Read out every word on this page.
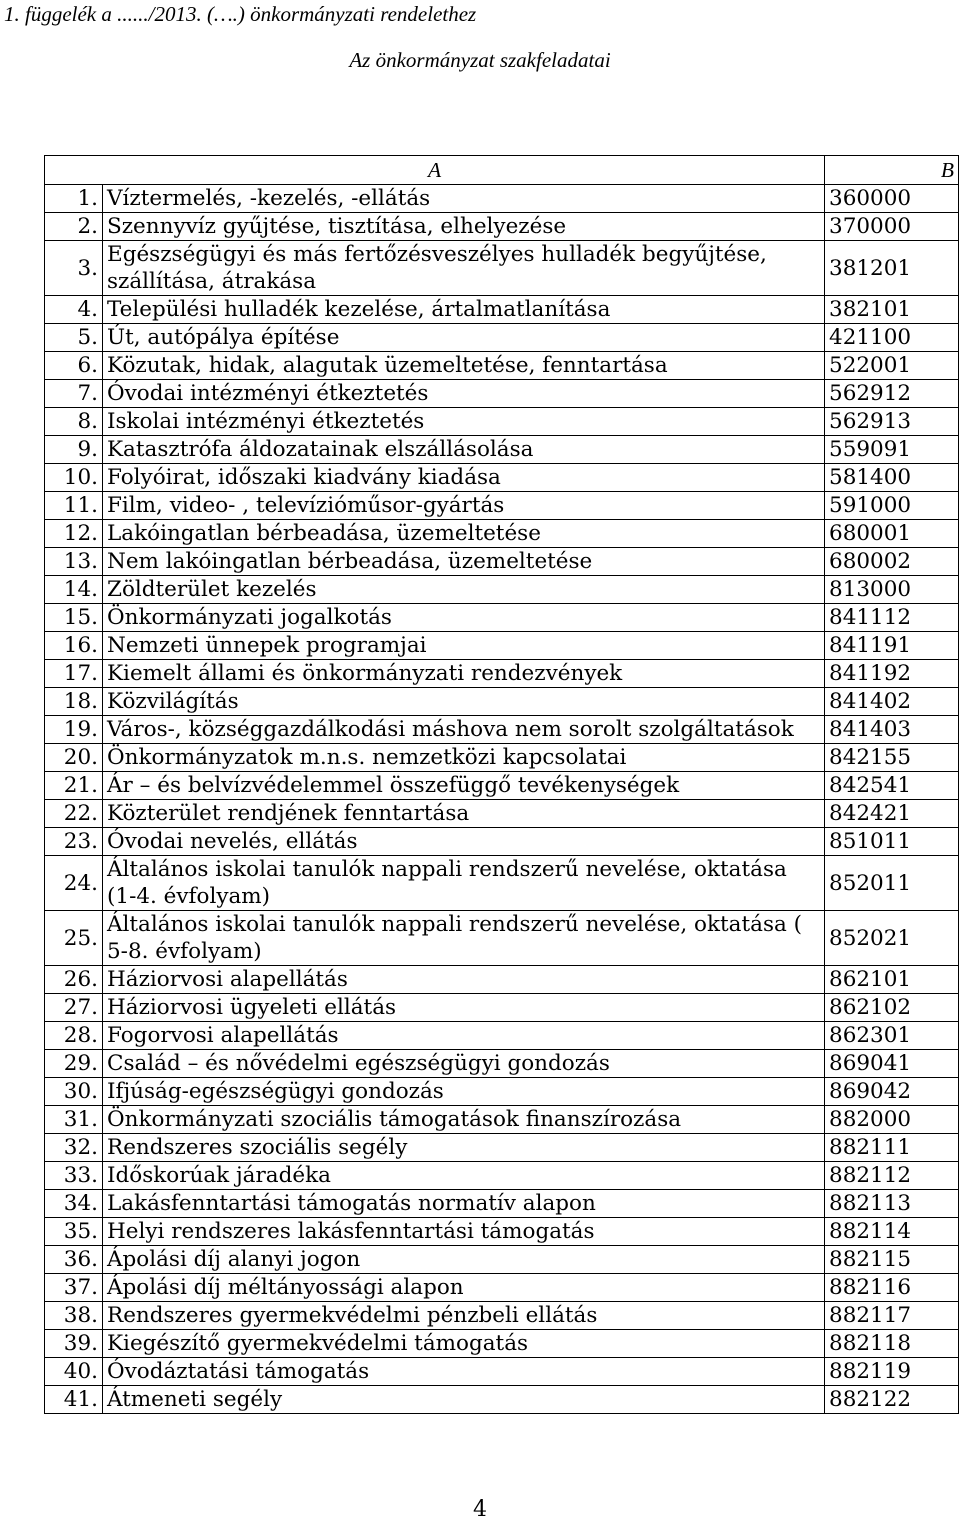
1. függelék a ....../2013. (….) önkormányzati rendelethez
Az önkormányzat szakfeladatai
A		B
1.	Víztermelés, -kezelés, -ellátás	360000
2.	Szennyvíz gyűjtése, tisztítása, elhelyezése	370000
3.	Egészségügyi és más fertőzésveszélyes hulladék begyűjtése, szállítása, átrakása	381201
4.	Települési hulladék kezelése, ártalmatlanítása	382101
5.	Út, autópálya építése	421100
6.	Közutak, hidak, alagutak üzemeltetése, fenntartása	522001
7.	Óvodai intézményi étkeztetés	562912
8.	Iskolai intézményi étkeztetés	562913
9.	Katasztrófa áldozatainak elszállásolása	559091
10.	Folyóirat, időszaki kiadvány kiadása	581400
11.	Film, video- , televízióműsor-gyártás	591000
12.	Lakóingatlan bérbeadása, üzemeltetése	680001
13.	Nem lakóingatlan bérbeadása, üzemeltetése	680002
14.	Zöldterület kezelés	813000
15.	Önkormányzati jogalkotás	841112
16.	Nemzeti ünnepek programjai	841191
17.	Kiemelt állami és önkormányzati rendezvények	841192
18.	Közvilágítás	841402
19.	Város-, községgazdálkodási máshova nem sorolt szolgáltatások	841403
20.	Önkormányzatok m.n.s. nemzetközi kapcsolatai	842155
21.	Ár – és belvízvédelemmel összefüggő tevékenységek	842541
22.	Közterület rendjének fenntartása	842421
23.	Óvodai nevelés, ellátás	851011
24.	Általános iskolai tanulók nappali rendszerű nevelése, oktatása (1-4. évfolyam)	852011
25.	Általános iskolai tanulók nappali rendszerű nevelése, oktatása ( 5-8. évfolyam)	852021
26.	Háziorvosi alapellátás	862101
27.	Háziorvosi ügyeleti ellátás	862102
28.	Fogorvosi alapellátás	862301
29.	Család – és nővédelmi egészségügyi gondozás	869041
30.	Ifjúság-egészségügyi gondozás	869042
31.	Önkormányzati szociális támogatások finanszírozása	882000
32.	Rendszeres szociális segély	882111
33.	Időskorúak járadéka	882112
34.	Lakásfenntartási támogatás normatív alapon	882113
35.	Helyi rendszeres lakásfenntartási támogatás	882114
36.	Ápolási díj alanyi jogon	882115
37.	Ápolási díj méltányossági alapon	882116
38.	Rendszeres gyermekvédelmi pénzbeli ellátás	882117
39.	Kiegészítő gyermekvédelmi támogatás	882118
40.	Óvodáztatási támogatás	882119
41.	Átmeneti segély	882122
4
